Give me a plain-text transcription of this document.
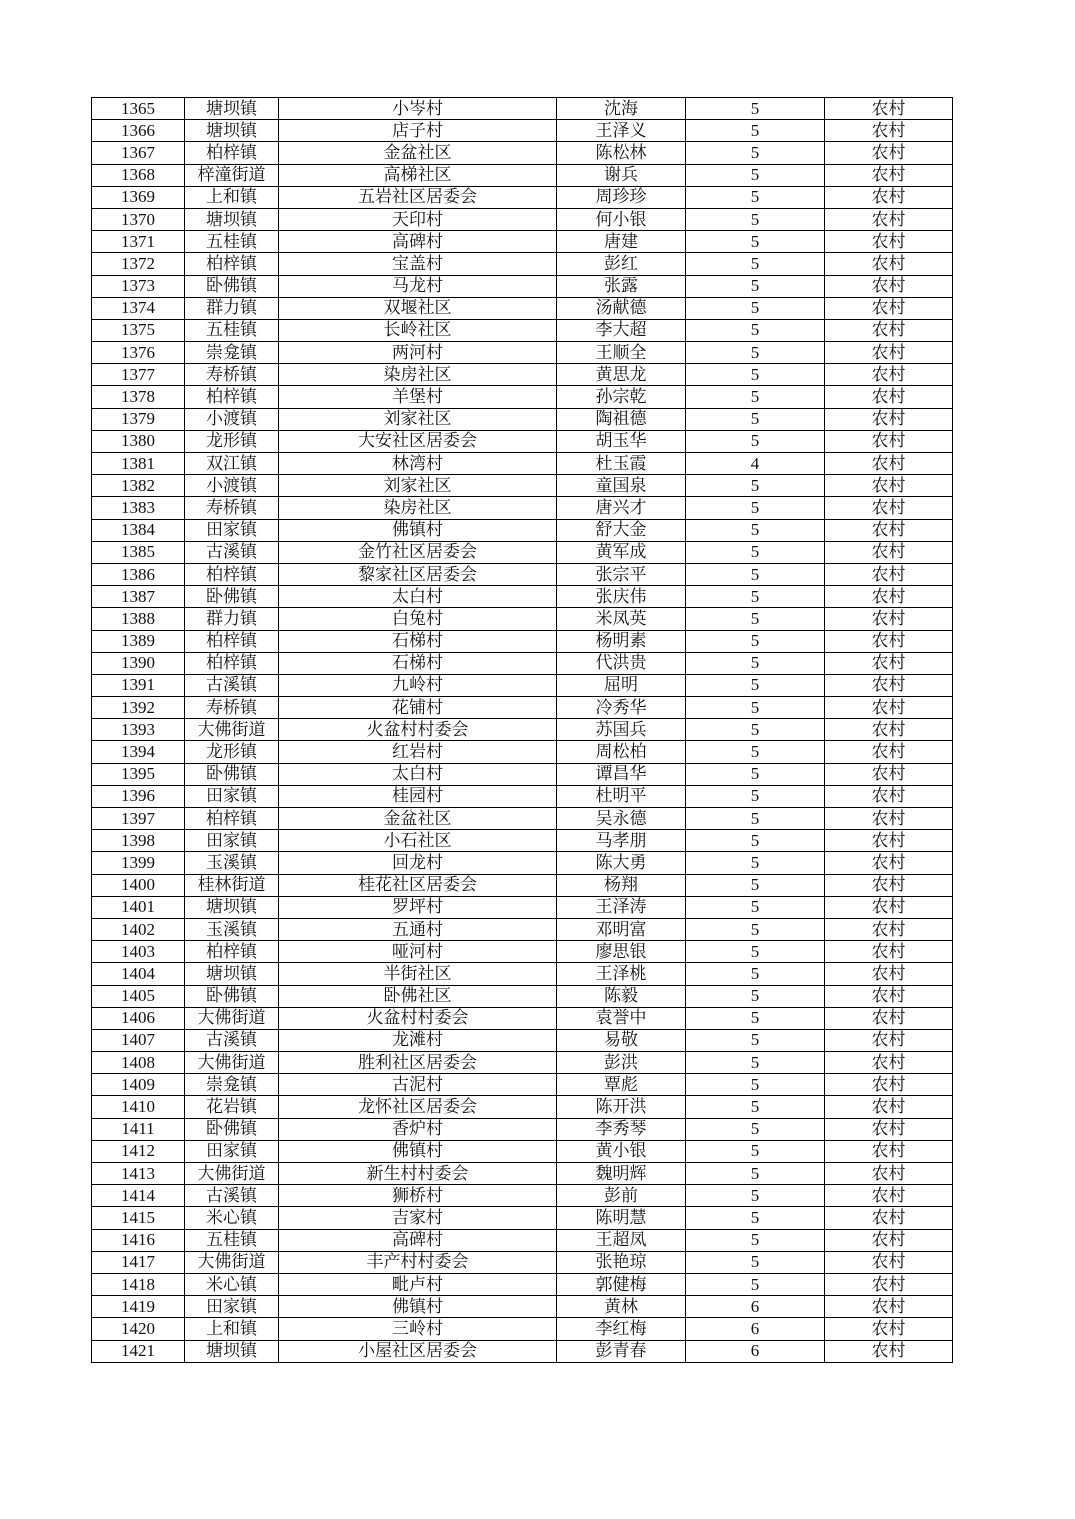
1365	塘坝镇	小岑村	沈海	5	农村
1366	塘坝镇	店子村	王泽义	5	农村
1367	柏梓镇	金盆社区	陈松林	5	农村
1368	梓潼街道	高梯社区	谢兵	5	农村
1369	上和镇	五岩社区居委会	周珍珍	5	农村
1370	塘坝镇	天印村	何小银	5	农村
1371	五桂镇	高碑村	唐建	5	农村
1372	柏梓镇	宝盖村	彭红	5	农村
1373	卧佛镇	马龙村	张露	5	农村
1374	群力镇	双堰社区	汤献德	5	农村
1375	五桂镇	长岭社区	李大超	5	农村
1376	崇龛镇	两河村	王顺全	5	农村
1377	寿桥镇	染房社区	黄思龙	5	农村
1378	柏梓镇	羊堡村	孙宗乾	5	农村
1379	小渡镇	刘家社区	陶祖德	5	农村
1380	龙形镇	大安社区居委会	胡玉华	5	农村
1381	双江镇	林湾村	杜玉霞	4	农村
1382	小渡镇	刘家社区	童国泉	5	农村
1383	寿桥镇	染房社区	唐兴才	5	农村
1384	田家镇	佛镇村	舒大金	5	农村
1385	古溪镇	金竹社区居委会	黄军成	5	农村
1386	柏梓镇	黎家社区居委会	张宗平	5	农村
1387	卧佛镇	太白村	张庆伟	5	农村
1388	群力镇	白兔村	米凤英	5	农村
1389	柏梓镇	石梯村	杨明素	5	农村
1390	柏梓镇	石梯村	代洪贵	5	农村
1391	古溪镇	九岭村	屈明	5	农村
1392	寿桥镇	花铺村	冷秀华	5	农村
1393	大佛街道	火盆村村委会	苏国兵	5	农村
1394	龙形镇	红岩村	周松柏	5	农村
1395	卧佛镇	太白村	谭昌华	5	农村
1396	田家镇	桂园村	杜明平	5	农村
1397	柏梓镇	金盆社区	吴永德	5	农村
1398	田家镇	小石社区	马孝朋	5	农村
1399	玉溪镇	回龙村	陈大勇	5	农村
1400	桂林街道	桂花社区居委会	杨翔	5	农村
1401	塘坝镇	罗坪村	王泽涛	5	农村
1402	玉溪镇	五通村	邓明富	5	农村
1403	柏梓镇	哑河村	廖思银	5	农村
1404	塘坝镇	半街社区	王泽桃	5	农村
1405	卧佛镇	卧佛社区	陈毅	5	农村
1406	大佛街道	火盆村村委会	袁誉中	5	农村
1407	古溪镇	龙滩村	易敬	5	农村
1408	大佛街道	胜利社区居委会	彭洪	5	农村
1409	崇龛镇	古泥村	覃彪	5	农村
1410	花岩镇	龙怀社区居委会	陈开洪	5	农村
1411	卧佛镇	香炉村	李秀琴	5	农村
1412	田家镇	佛镇村	黄小银	5	农村
1413	大佛街道	新生村村委会	魏明辉	5	农村
1414	古溪镇	狮桥村	彭前	5	农村
1415	米心镇	吉家村	陈明慧	5	农村
1416	五桂镇	高碑村	王超凤	5	农村
1417	大佛街道	丰产村村委会	张艳琼	5	农村
1418	米心镇	毗卢村	郭健梅	5	农村
1419	田家镇	佛镇村	黄林	6	农村
1420	上和镇	三岭村	李红梅	6	农村
1421	塘坝镇	小屋社区居委会	彭青春	6	农村
